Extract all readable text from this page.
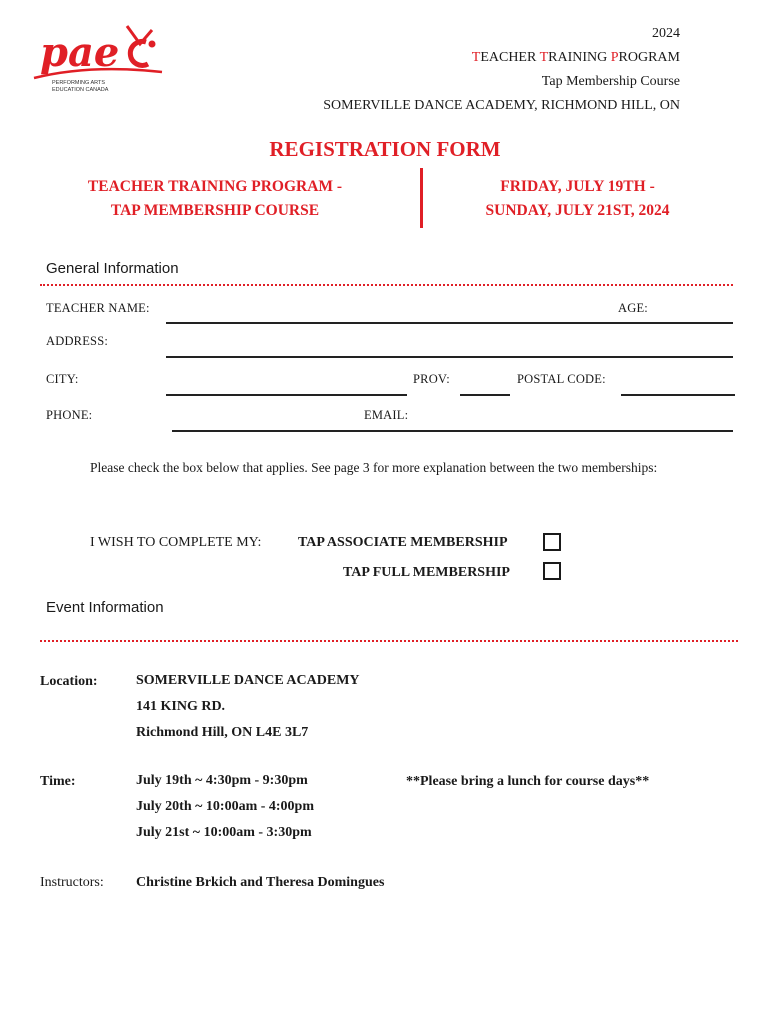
pae
PERFORMING ARTS
EDUCATION CANADA
2024
TEACHER TRAINING PROGRAM
Tap Membership Course
SOMERVILLE DANCE ACADEMY, RICHMOND HILL, ON
REGISTRATION FORM
TEACHER TRAINING PROGRAM -
TAP MEMBERSHIP COURSE
FRIDAY, JULY 19TH -
SUNDAY, JULY 21ST, 2024
General Information
TEACHER NAME:	AGE:
ADDRESS:
CITY:	PROV:	POSTAL CODE:
PHONE:	EMAIL:
Please check the box below that applies. See page 3 for more explanation between the two memberships:
I WISH TO COMPLETE MY:	TAP ASSOCIATE MEMBERSHIP
TAP FULL MEMBERSHIP
Event Information
Location:	SOMERVILLE DANCE ACADEMY
141 KING RD.
Richmond Hill, ON L4E 3L7
Time:	July 19th ~ 4:30pm - 9:30pm
July 20th ~ 10:00am - 4:00pm
July 21st ~ 10:00am - 3:30pm
**Please bring a lunch for course days**
Instructors: Christine Brkich and Theresa Domingues
